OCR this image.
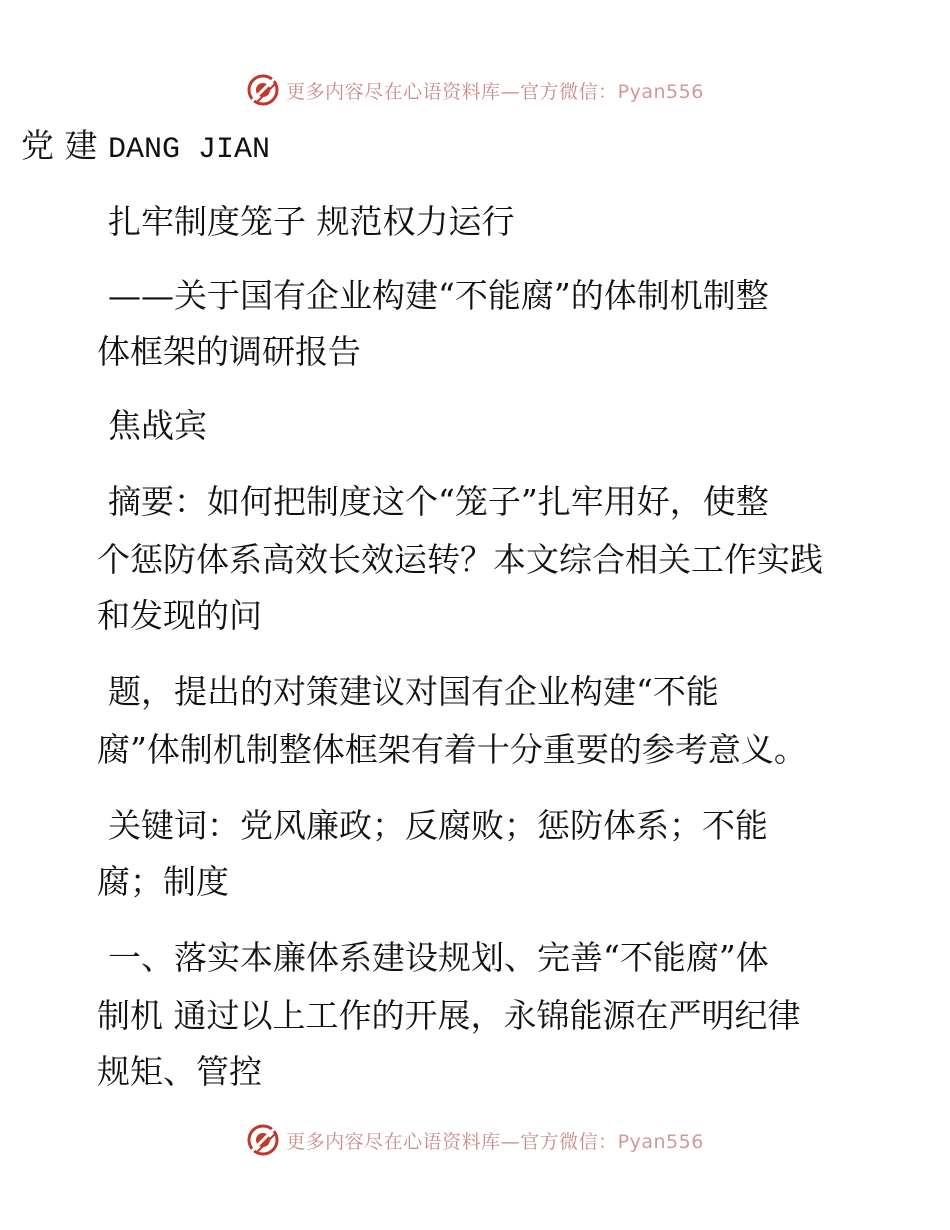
更多内容尽在心语资料库—官方微信：Pyan556
党 建 DANG JIAN
扎牢制度笼子 规范权力运行
——关于国有企业构建“不能腐”的体制机制整
体框架的调研报告
焦战宾
摘要：如何把制度这个“笼子”扎牢用好，使整
个惩防体系高效长效运转？本文综合相关工作实践
和发现的问
题，提出的对策建议对国有企业构建“不能
腐”体制机制整体框架有着十分重要的参考意义。
关键词：党风廉政；反腐败；惩防体系；不能
腐；制度
一、落实本廉体系建设规划、完善“不能腐”体
制机 通过以上工作的开展，永锦能源在严明纪律
规矩、管控
更多内容尽在心语资料库—官方微信：Pyan556
